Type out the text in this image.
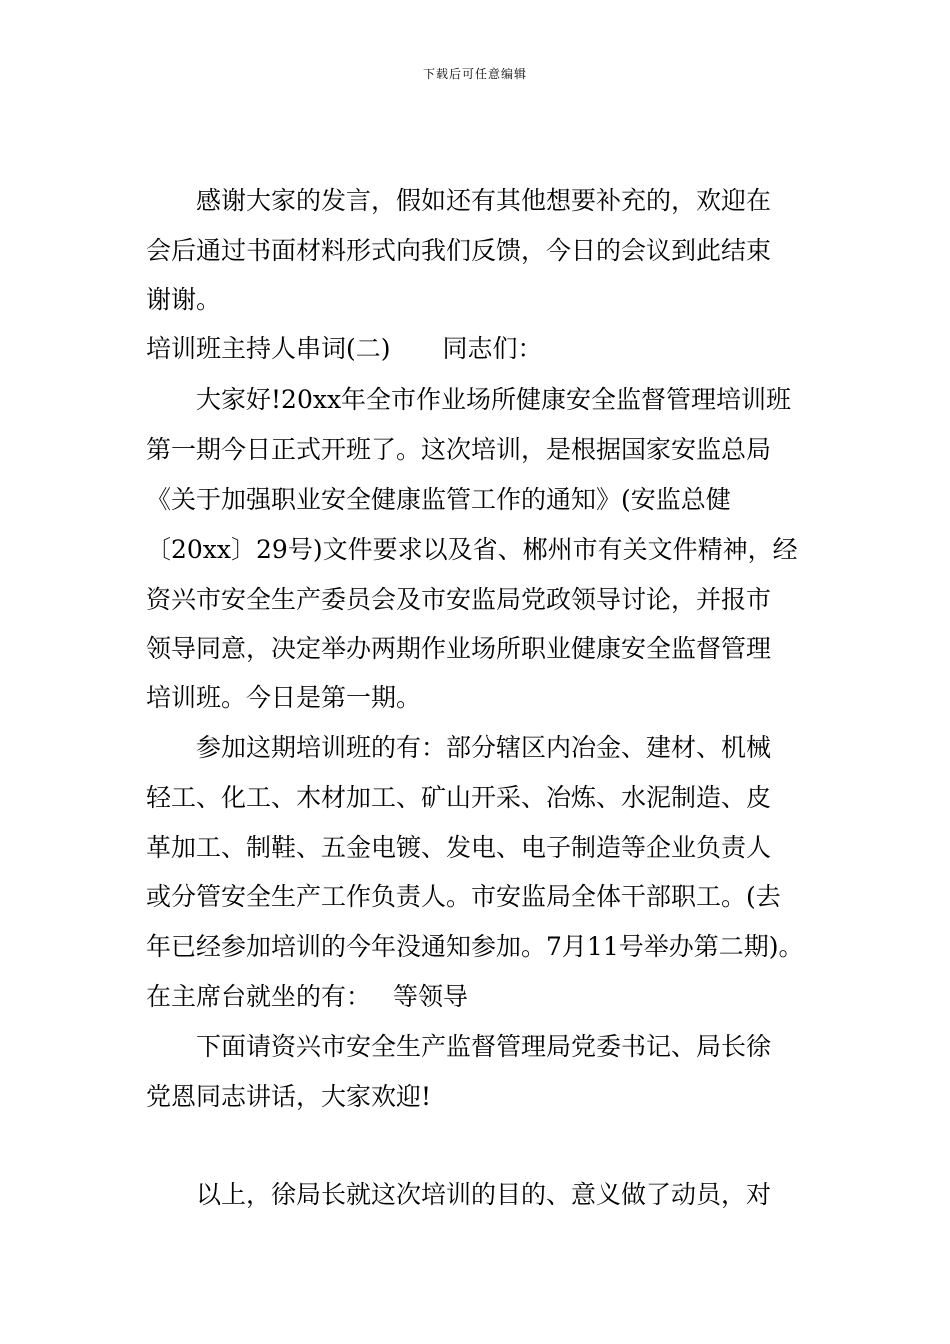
下载后可任意编辑
感谢大家的发言，假如还有其他想要补充的，欢迎在
会后通过书面材料形式向我们反馈，今日的会议到此结束
谢谢。
培训班主持人串词(二) 同志们：
大家好!20xx年全市作业场所健康安全监督管理培训班
第一期今日正式开班了。这次培训，是根据国家安监总局
《关于加强职业安全健康监管工作的通知》(安监总健
〔20xx〕29号)文件要求以及省、郴州市有关文件精神，经
资兴市安全生产委员会及市安监局党政领导讨论，并报市
领导同意，决定举办两期作业场所职业健康安全监督管理
培训班。今日是第一期。
参加这期培训班的有：部分辖区内冶金、建材、机械
轻工、化工、木材加工、矿山开采、冶炼、水泥制造、皮
革加工、制鞋、五金电镀、发电、电子制造等企业负责人
或分管安全生产工作负责人。市安监局全体干部职工。(去
年已经参加培训的今年没通知参加。7月11号举办第二期)。
在主席台就坐的有： 等领导
下面请资兴市安全生产监督管理局党委书记、局长徐
党恩同志讲话，大家欢迎!
以上，徐局长就这次培训的目的、意义做了动员，对
